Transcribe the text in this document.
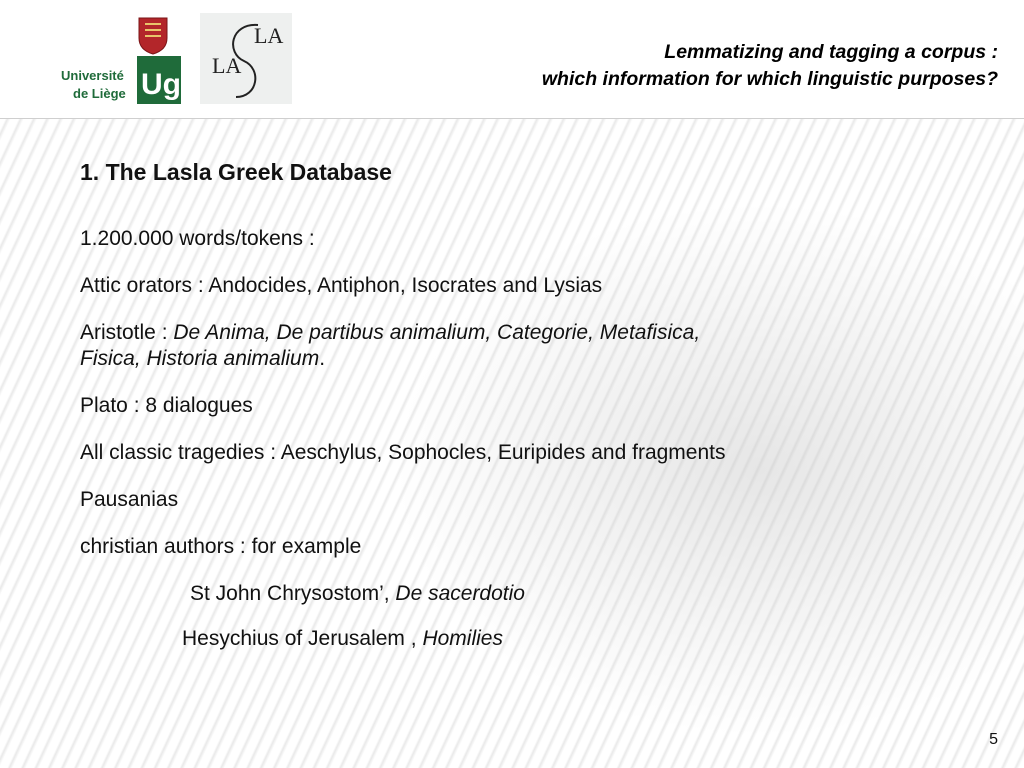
Ug
Université
de Liège
LA
LA
Lemmatizing and tagging a corpus :
which information for which linguistic purposes?
1. The Lasla Greek Database

1.200.000 words/tokens :

Attic orators : Andocides, Antiphon, Isocrates and Lysias

Aristotle : De Anima, De partibus animalium, Categorie, Metafisica,
Fisica, Historia animalium.

Plato : 8 dialogues

All classic tragedies : Aeschylus, Sophocles, Euripides and fragments

Pausanias

christian authors : for example

St John Chrysostom’, De sacerdotio

Hesychius of Jerusalem , Homilies

5
